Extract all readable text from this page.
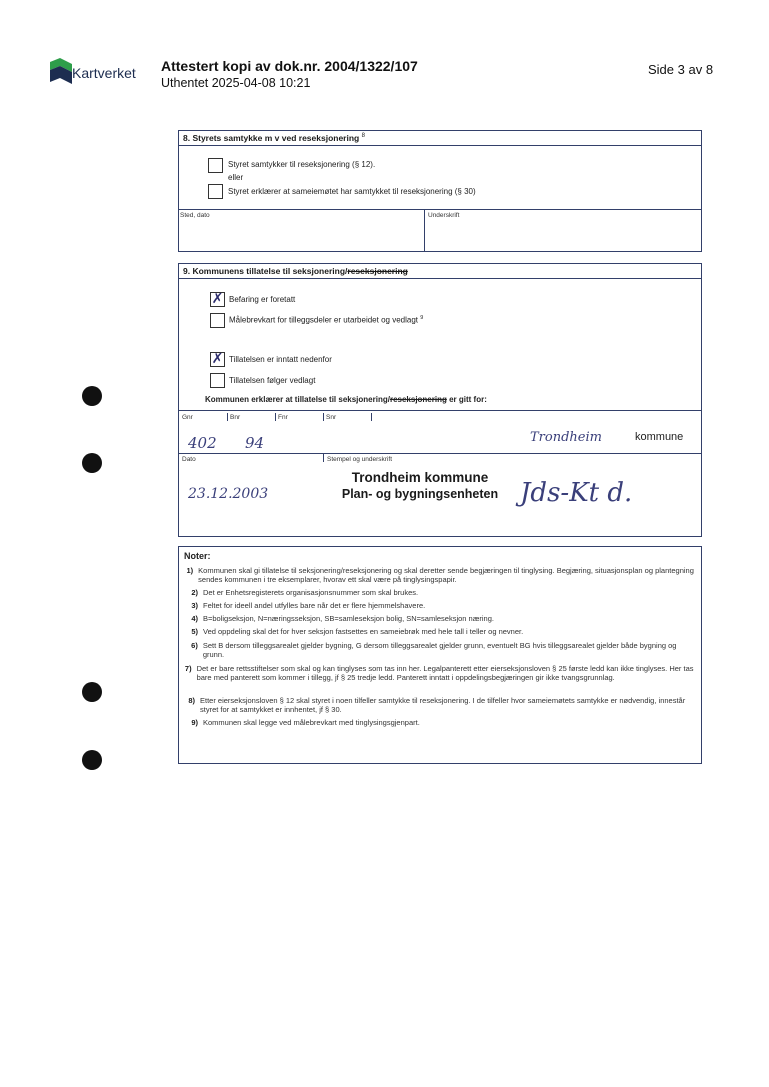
Kartverket Attestert kopi av dok.nr. 2004/1322/107
Uthentet 2025-04-08 10:21
Side 3 av 8
8. Styrets samtykke m v ved reseksjonering $^8$
Styret samtykker til reseksjonering (§ 12).
eller
Styret erklærer at sameiemøtet har samtykket til reseksjonering (§ 30)
Sted, dato	Underskrift
9. Kommunens tillatelse til seksjonering/reseksjonering
✗ Befaring er foretatt
Målebrevkart for tilleggsdeler er utarbeidet og vedlagt $^9$
✗ Tillatelsen er inntatt nedenfor
Tillatelsen følger vedlagt
Kommunen erklærer at tillatelse til seksjonering/reseksjonering er gitt for:
Gnr	Bnr	Fnr	Snr
402 94	Trondheim	kommune
Dato	Stempel og underskrift
23.12.2003
Trondheim kommune
Plan- og bygningsenheten Jds-Kt d.
Noter:
1) Kommunen skal gi tillatelse til seksjonering/reseksjonering og skal deretter sende begjæringen til tinglysing. Begjæring, situasjonsplan og plantegning sendes kommunen i tre eksemplarer, hvorav ett skal være på tinglysingspapir.
2) Det er Enhetsregisterets organisasjonsnummer som skal brukes.
3) Feltet for ideell andel utfylles bare når det er flere hjemmelshavere.
4) B=boligseksjon, N=næringsseksjon, SB=samleseksjon bolig, SN=samleseksjon næring.
5) Ved oppdeling skal det for hver seksjon fastsettes en sameiebrøk med hele tall i teller og nevner.
6) Sett B dersom tilleggsarealet gjelder bygning, G dersom tilleggsarealet gjelder grunn, eventuelt BG hvis tilleggsarealet gjelder både bygning og grunn.
7) Det er bare rettsstiftelser som skal og kan tinglyses som tas inn her. Legalpanterett etter eierseksjonsloven § 25 første ledd kan ikke tinglyses. Her tas bare med panterett som kommer i tillegg, jf § 25 tredje ledd. Panterett inntatt i oppdelingsbegjæringen gir ikke tvangsgrunnlag.
8) Etter eierseksjonsloven § 12 skal styret i noen tilfeller samtykke til reseksjonering. I de tilfeller hvor sameiemøtets samtykke er nødvendig, innestår styret for at samtykket er innhentet, jf § 30.
9) Kommunen skal legge ved målebrevkart med tinglysingsgjenpart.
